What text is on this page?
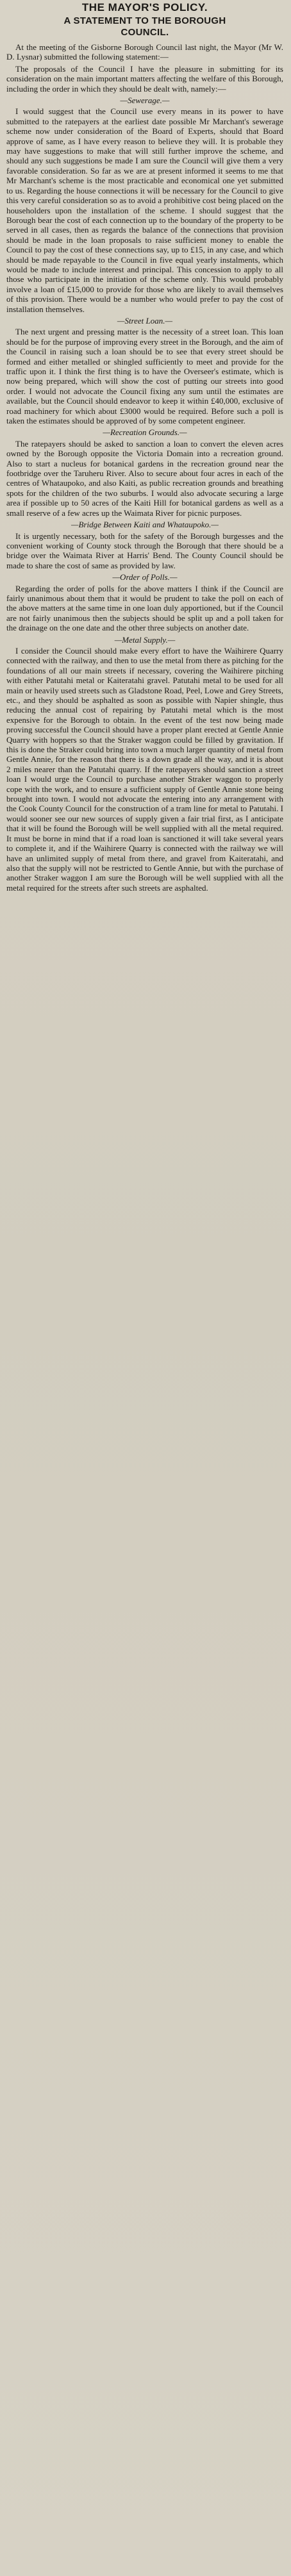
THE MAYOR'S POLICY.
A STATEMENT TO THE BOROUGH
COUNCIL.

At the meeting of the Gisborne Borough Council last night, the Mayor (Mr W. D. Lysnar) submitted the following statement:—

The proposals of the Council I have the pleasure in submitting for its consideration on the main important matters affecting the welfare of this Borough, including the order in which they should be dealt with, namely:—

—Sewerage.—

I would suggest that the Council use every means in its power to have submitted to the ratepayers at the earliest date possible Mr Marchant's sewerage scheme now under consideration of the Board of Experts, should that Board approve of same, as I have every reason to believe they will. It is probable they may have suggestions to make that will still further improve the scheme, and should any such suggestions be made I am sure the Council will give them a very favorable consideration. So far as we are at present informed it seems to me that Mr Marchant's scheme is the most practicable and economical one yet submitted to us. Regarding the house connections it will be necessary for the Council to give this very careful consideration so as to avoid a prohibitive cost being placed on the householders upon the installation of the scheme. I should suggest that the Borough bear the cost of each connection up to the boundary of the property to be served in all cases, then as regards the balance of the connections that provision should be made in the loan proposals to raise sufficient money to enable the Council to pay the cost of these connections say, up to £15, in any case, and which should be made repayable to the Council in five equal yearly instalments, which would be made to include interest and principal. This concession to apply to all those who participate in the initiation of the scheme only. This would probably involve a loan of £15,000 to provide for those who are likely to avail themselves of this provision. There would be a number who would prefer to pay the cost of installation themselves.

—Street Loan.—

The next urgent and pressing matter is the necessity of a street loan. This loan should be for the purpose of improving every street in the Borough, and the aim of the Council in raising such a loan should be to see that every street should be formed and either metalled or shingled sufficiently to meet and provide for the traffic upon it. I think the first thing is to have the Overseer's estimate, which is now being prepared, which will show the cost of putting our streets into good order. I would not advocate the Council fixing any sum until the estimates are available, but the Council should endeavor to keep it within £40,000, exclusive of road machinery for which about £3000 would be required. Before such a poll is taken the estimates should be approved of by some competent engineer.

—Recreation Grounds.—

The ratepayers should be asked to sanction a loan to convert the eleven acres owned by the Borough opposite the Victoria Domain into a recreation ground. Also to start a nucleus for botanical gardens in the recreation ground near the footbridge over the Taruheru River. Also to secure about four acres in each of the centres of Whataupoko, and also Kaiti, as public recreation grounds and breathing spots for the children of the two suburbs. I would also advocate securing a large area if possible up to 50 acres of the Kaiti Hill for botanical gardens as well as a small reserve of a few acres up the Waimata River for picnic purposes.

—Bridge Between Kaiti and Whataupoko.—

It is urgently necessary, both for the safety of the Borough burgesses and the convenient working of County stock through the Borough that there should be a bridge over the Waimata River at Harris' Bend. The County Council should be made to share the cost of same as provided by law.

—Order of Polls.—

Regarding the order of polls for the above matters I think if the Council are fairly unanimous about them that it would be prudent to take the poll on each of the above matters at the same time in one loan duly apportioned, but if the Council are not fairly unanimous then the subjects should be split up and a poll taken for the drainage on the one date and the other three subjects on another date.

—Metal Supply.—

I consider the Council should make every effort to have the Waihirere Quarry connected with the railway, and then to use the metal from there as pitching for the foundations of all our main streets if necessary, covering the Waihirere pitching with either Patutahi metal or Kaiteratahi gravel. Patutahi metal to be used for all main or heavily used streets such as Gladstone Road, Peel, Lowe and Grey Streets, etc., and they should be asphalted as soon as possible with Napier shingle, thus reducing the annual cost of repairing by Patutahi metal which is the most expensive for the Borough to obtain. In the event of the test now being made proving successful the Council should have a proper plant erected at Gentle Annie Quarry with hoppers so that the Straker waggon could be filled by gravitation. If this is done the Straker could bring into town a much larger quantity of metal from Gentle Annie, for the reason that there is a down grade all the way, and it is about 2 miles nearer than the Patutahi quarry. If the ratepayers should sanction a street loan I would urge the Council to purchase another Straker waggon to properly cope with the work, and to ensure a sufficient supply of Gentle Annie stone being brought into town. I would not advocate the entering into any arrangement with the Cook County Council for the construction of a tram line for metal to Patutahi. I would sooner see our new sources of supply given a fair trial first, as I anticipate that it will be found the Borough will be well supplied with all the metal required. It must be borne in mind that if a road loan is sanctioned it will take several years to complete it, and if the Waihirere Quarry is connected with the railway we will have an unlimited supply of metal from there, and gravel from Kaiteratahi, and also that the supply will not be restricted to Gentle Annie, but with the purchase of another Straker waggon I am sure the Borough will be well supplied with all the metal required for the streets after such streets are asphalted.
